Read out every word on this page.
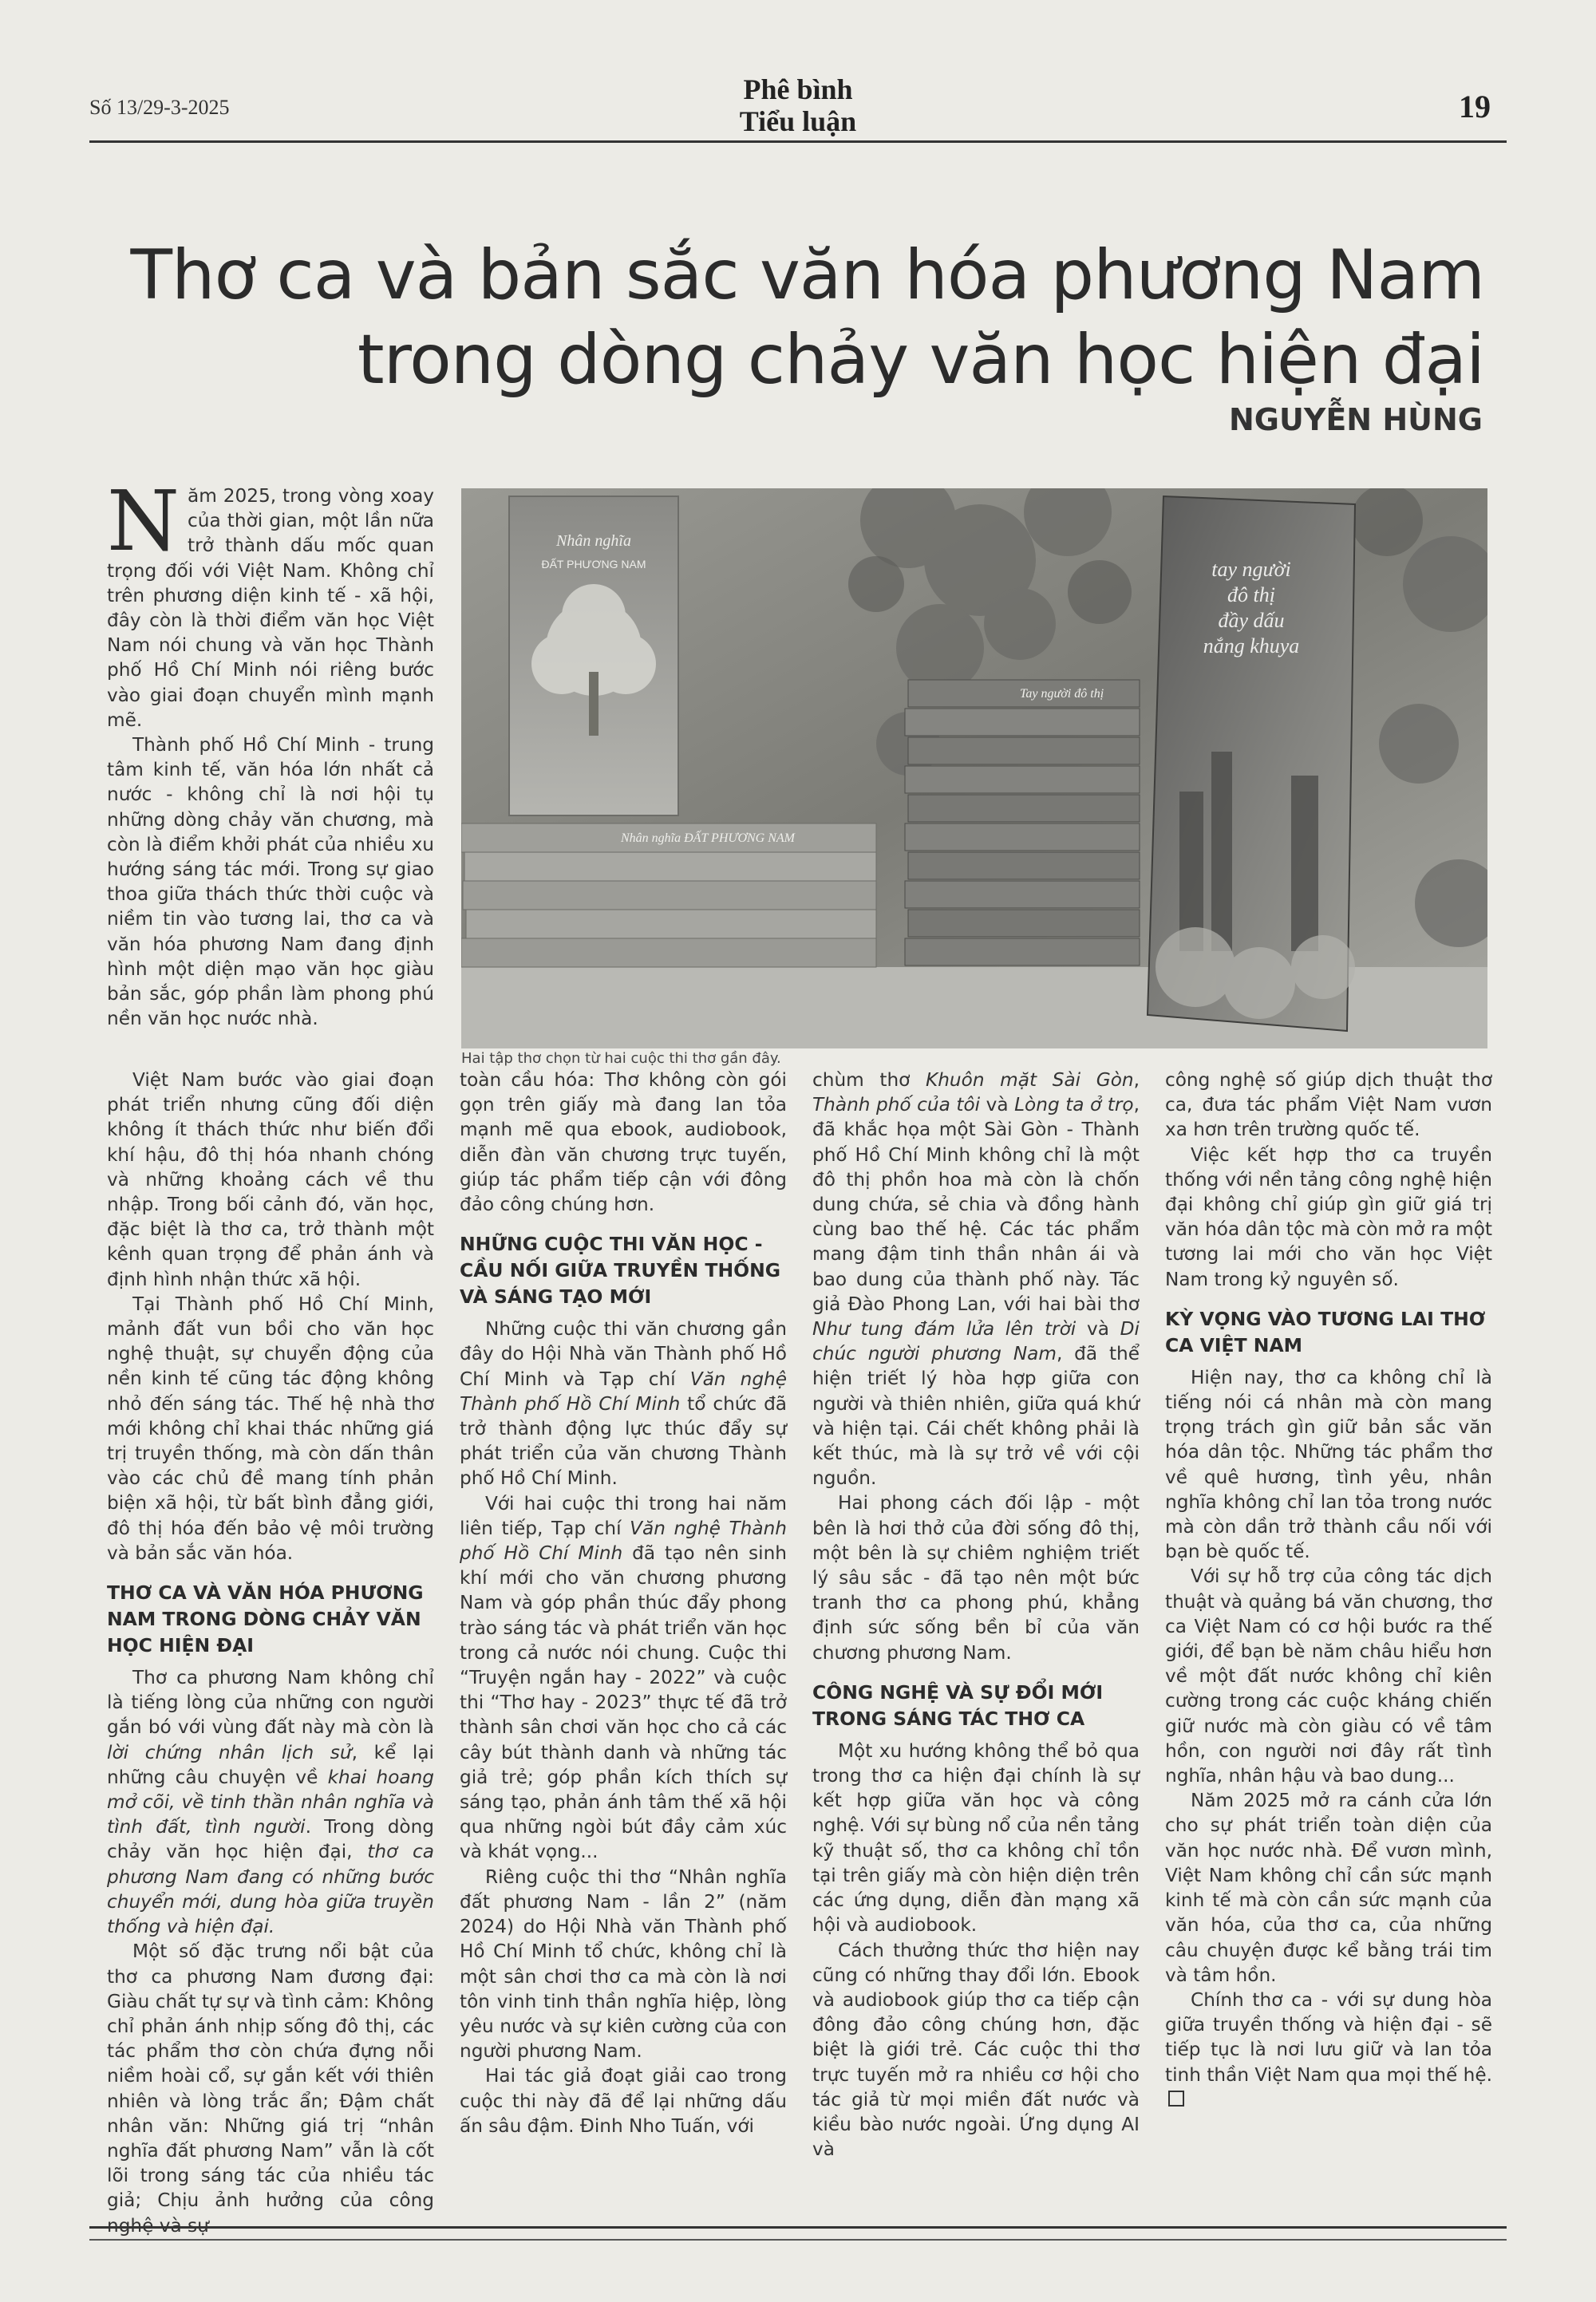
Số 13/29-3-2025
Phê bình
Tiểu luận	19
Thơ ca và bản sắc văn hóa phương Nam
trong dòng chảy văn học hiện đại
NGUYỄN HÙNG

Năm 2025, trong vòng xoay của thời gian, một lần nữa trở thành dấu mốc quan trọng đối với Việt Nam. Không chỉ trên phương diện kinh tế - xã hội, đây còn là thời điểm văn học Việt Nam nói chung và văn học Thành phố Hồ Chí Minh nói riêng bước vào giai đoạn chuyển mình mạnh mẽ.

Thành phố Hồ Chí Minh - trung tâm kinh tế, văn hóa lớn nhất cả nước - không chỉ là nơi hội tụ những dòng chảy văn chương, mà còn là điểm khởi phát của nhiều xu hướng sáng tác mới. Trong sự giao thoa giữa thách thức thời cuộc và niềm tin vào tương lai, thơ ca và văn hóa phương Nam đang định hình một diện mạo văn học giàu bản sắc, góp phần làm phong phú nền văn học nước nhà.

Nhân nghĩa
ĐẤT PHƯƠNG NAM
Nhân nghĩa ĐẤT PHƯƠNG NAM
Tay người đô thị
tay người
đô thị
đầy dấu
nắng khuya
Hai tập thơ chọn từ hai cuộc thi thơ gần đây.

Việt Nam bước vào giai đoạn phát triển nhưng cũng đối diện không ít thách thức như biến đổi khí hậu, đô thị hóa nhanh chóng và những khoảng cách về thu nhập. Trong bối cảnh đó, văn học, đặc biệt là thơ ca, trở thành một kênh quan trọng để phản ánh và định hình nhận thức xã hội.

Tại Thành phố Hồ Chí Minh, mảnh đất vun bồi cho văn học nghệ thuật, sự chuyển động của nền kinh tế cũng tác động không nhỏ đến sáng tác. Thế hệ nhà thơ mới không chỉ khai thác những giá trị truyền thống, mà còn dấn thân vào các chủ đề mang tính phản biện xã hội, từ bất bình đẳng giới, đô thị hóa đến bảo vệ môi trường và bản sắc văn hóa.

THƠ CA VÀ VĂN HÓA PHƯƠNG NAM TRONG DÒNG CHẢY VĂN HỌC HIỆN ĐẠI

Thơ ca phương Nam không chỉ là tiếng lòng của những con người gắn bó với vùng đất này mà còn là lời chứng nhân lịch sử, kể lại những câu chuyện về khai hoang mở cõi, về tinh thần nhân nghĩa và tình đất, tình người. Trong dòng chảy văn học hiện đại, thơ ca phương Nam đang có những bước chuyển mới, dung hòa giữa truyền thống và hiện đại.

Một số đặc trưng nổi bật của thơ ca phương Nam đương đại: Giàu chất tự sự và tình cảm: Không chỉ phản ánh nhịp sống đô thị, các tác phẩm thơ còn chứa đựng nỗi niềm hoài cổ, sự gắn kết với thiên nhiên và lòng trắc ẩn; Đậm chất nhân văn: Những giá trị “nhân nghĩa đất phương Nam” vẫn là cốt lõi trong sáng tác của nhiều tác giả; Chịu ảnh hưởng của công

toàn cầu hóa: Thơ không còn gói gọn trên giấy mà đang lan tỏa mạnh mẽ qua ebook, audiobook, diễn đàn văn chương trực tuyến, giúp tác phẩm tiếp cận với đông đảo công chúng hơn.

NHỮNG CUỘC THI VĂN HỌC - CẦU NỐI GIỮA TRUYỀN THỐNG VÀ SÁNG TẠO MỚI

Những cuộc thi văn chương gần đây do Hội Nhà văn Thành phố Hồ Chí Minh và Tạp chí Văn nghệ Thành phố Hồ Chí Minh tổ chức đã trở thành động lực thúc đẩy sự phát triển của văn chương Thành phố Hồ Chí Minh.

Với hai cuộc thi trong hai năm liên tiếp, Tạp chí Văn nghệ Thành phố Hồ Chí Minh đã tạo nên sinh khí mới cho văn chương phương Nam và góp phần thúc đẩy phong trào sáng tác và phát triển văn học trong cả nước nói chung. Cuộc thi “Truyện ngắn hay - 2022” và cuộc thi “Thơ hay - 2023” thực tế đã trở thành sân chơi văn học cho cả các cây bút thành danh và những tác giả trẻ; góp phần kích thích sự sáng tạo, phản ánh tâm thế xã hội qua những ngòi bút đầy cảm xúc và khát vọng...

Riêng cuộc thi thơ “Nhân nghĩa đất phương Nam - lần 2” (năm 2024) do Hội Nhà văn Thành phố Hồ Chí Minh tổ chức, không chỉ là một sân chơi thơ ca mà còn là nơi tôn vinh tinh thần nghĩa hiệp, lòng yêu nước và sự kiên cường của con người phương Nam.

Hai tác giả đoạt giải cao trong cuộc thi này đã để lại những dấu ấn sâu đậm. Đinh Nho Tuấn, với

chùm thơ Khuôn mặt Sài Gòn, Thành phố của tôi và Lòng ta ở trọ, đã khắc họa một Sài Gòn - Thành phố Hồ Chí Minh không chỉ là một đô thị phồn hoa mà còn là chốn dung chứa, sẻ chia và đồng hành cùng bao thế hệ. Các tác phẩm mang đậm tinh thần nhân ái và bao dung của thành phố này. Tác giả Đào Phong Lan, với hai bài thơ Như tung đám lửa lên trời và Di chúc người phương Nam, đã thể hiện triết lý hòa hợp giữa con người và thiên nhiên, giữa quá khứ và hiện tại. Cái chết không phải là kết thúc, mà là sự trở về với cội nguồn.

Hai phong cách đối lập - một bên là hơi thở của đời sống đô thị, một bên là sự chiêm nghiệm triết lý sâu sắc - đã tạo nên một bức tranh thơ ca phong phú, khẳng định sức sống bền bỉ của văn chương phương Nam.

CÔNG NGHỆ VÀ SỰ ĐỔI MỚI TRONG SÁNG TÁC THƠ CA

Một xu hướng không thể bỏ qua trong thơ ca hiện đại chính là sự kết hợp giữa văn học và công nghệ. Với sự bùng nổ của nền tảng kỹ thuật số, thơ ca không chỉ tồn tại trên giấy mà còn hiện diện trên các ứng dụng, diễn đàn mạng xã hội và audiobook.

Cách thưởng thức thơ hiện nay cũng có những thay đổi lớn. Ebook và audiobook giúp thơ ca tiếp cận đông đảo công chúng hơn, đặc biệt là giới trẻ. Các cuộc thi thơ trực tuyến mở ra nhiều cơ hội cho tác giả từ mọi miền đất nước và kiều bào nước ngoài. Ứng dụng AI và

công nghệ số giúp dịch thuật thơ ca, đưa tác phẩm Việt Nam vươn xa hơn trên trường quốc tế.

Việc kết hợp thơ ca truyền thống với nền tảng công nghệ hiện đại không chỉ giúp gìn giữ giá trị văn hóa dân tộc mà còn mở ra một tương lai mới cho văn học Việt Nam trong kỷ nguyên số.

KỲ VỌNG VÀO TƯƠNG LAI THƠ CA VIỆT NAM

Hiện nay, thơ ca không chỉ là tiếng nói cá nhân mà còn mang trọng trách gìn giữ bản sắc văn hóa dân tộc. Những tác phẩm thơ về quê hương, tình yêu, nhân nghĩa không chỉ lan tỏa trong nước mà còn dần trở thành cầu nối với bạn bè quốc tế.

Với sự hỗ trợ của công tác dịch thuật và quảng bá văn chương, thơ ca Việt Nam có cơ hội bước ra thế giới, để bạn bè năm châu hiểu hơn về một đất nước không chỉ kiên cường trong các cuộc kháng chiến giữ nước mà còn giàu có về tâm hồn, con người nơi đây rất tình nghĩa, nhân hậu và bao dung...

Năm 2025 mở ra cánh cửa lớn cho sự phát triển toàn diện của văn học nước nhà. Để vươn mình, Việt Nam không chỉ cần sức mạnh kinh tế mà còn cần sức mạnh của văn hóa, của thơ ca, của những câu chuyện được kể bằng trái tim và tâm hồn.

Chính thơ ca - với sự dung hòa giữa truyền thống và hiện đại - sẽ tiếp tục là nơi lưu giữ và lan tỏa tinh thần Việt Nam qua mọi thế hệ.
